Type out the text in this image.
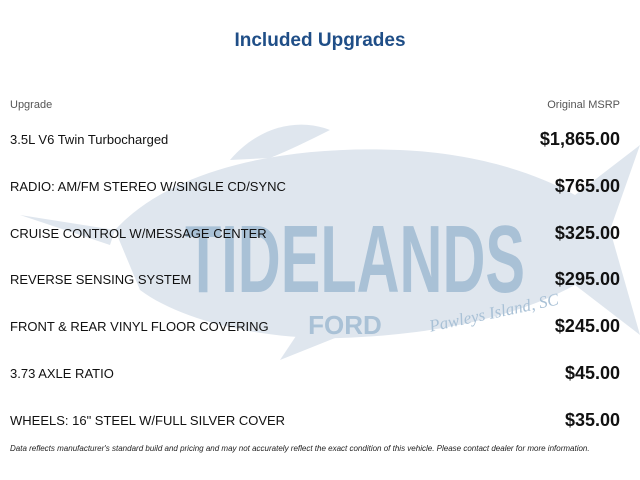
TIDELANDS
FORD	Pawleys Island, SC
Included Upgrades
Upgrade	Original MSRP
3.5L V6 Twin Turbocharged	$1,865.00
RADIO: AM/FM STEREO W/SINGLE CD/SYNC	$765.00
CRUISE CONTROL W/MESSAGE CENTER	$325.00
REVERSE SENSING SYSTEM	$295.00
FRONT & REAR VINYL FLOOR COVERING	$245.00
3.73 AXLE RATIO	$45.00
WHEELS: 16" STEEL W/FULL SILVER COVER	$35.00
Data reflects manufacturer's standard build and pricing and may not accurately reflect the exact condition of this vehicle. Please contact dealer for more information.
